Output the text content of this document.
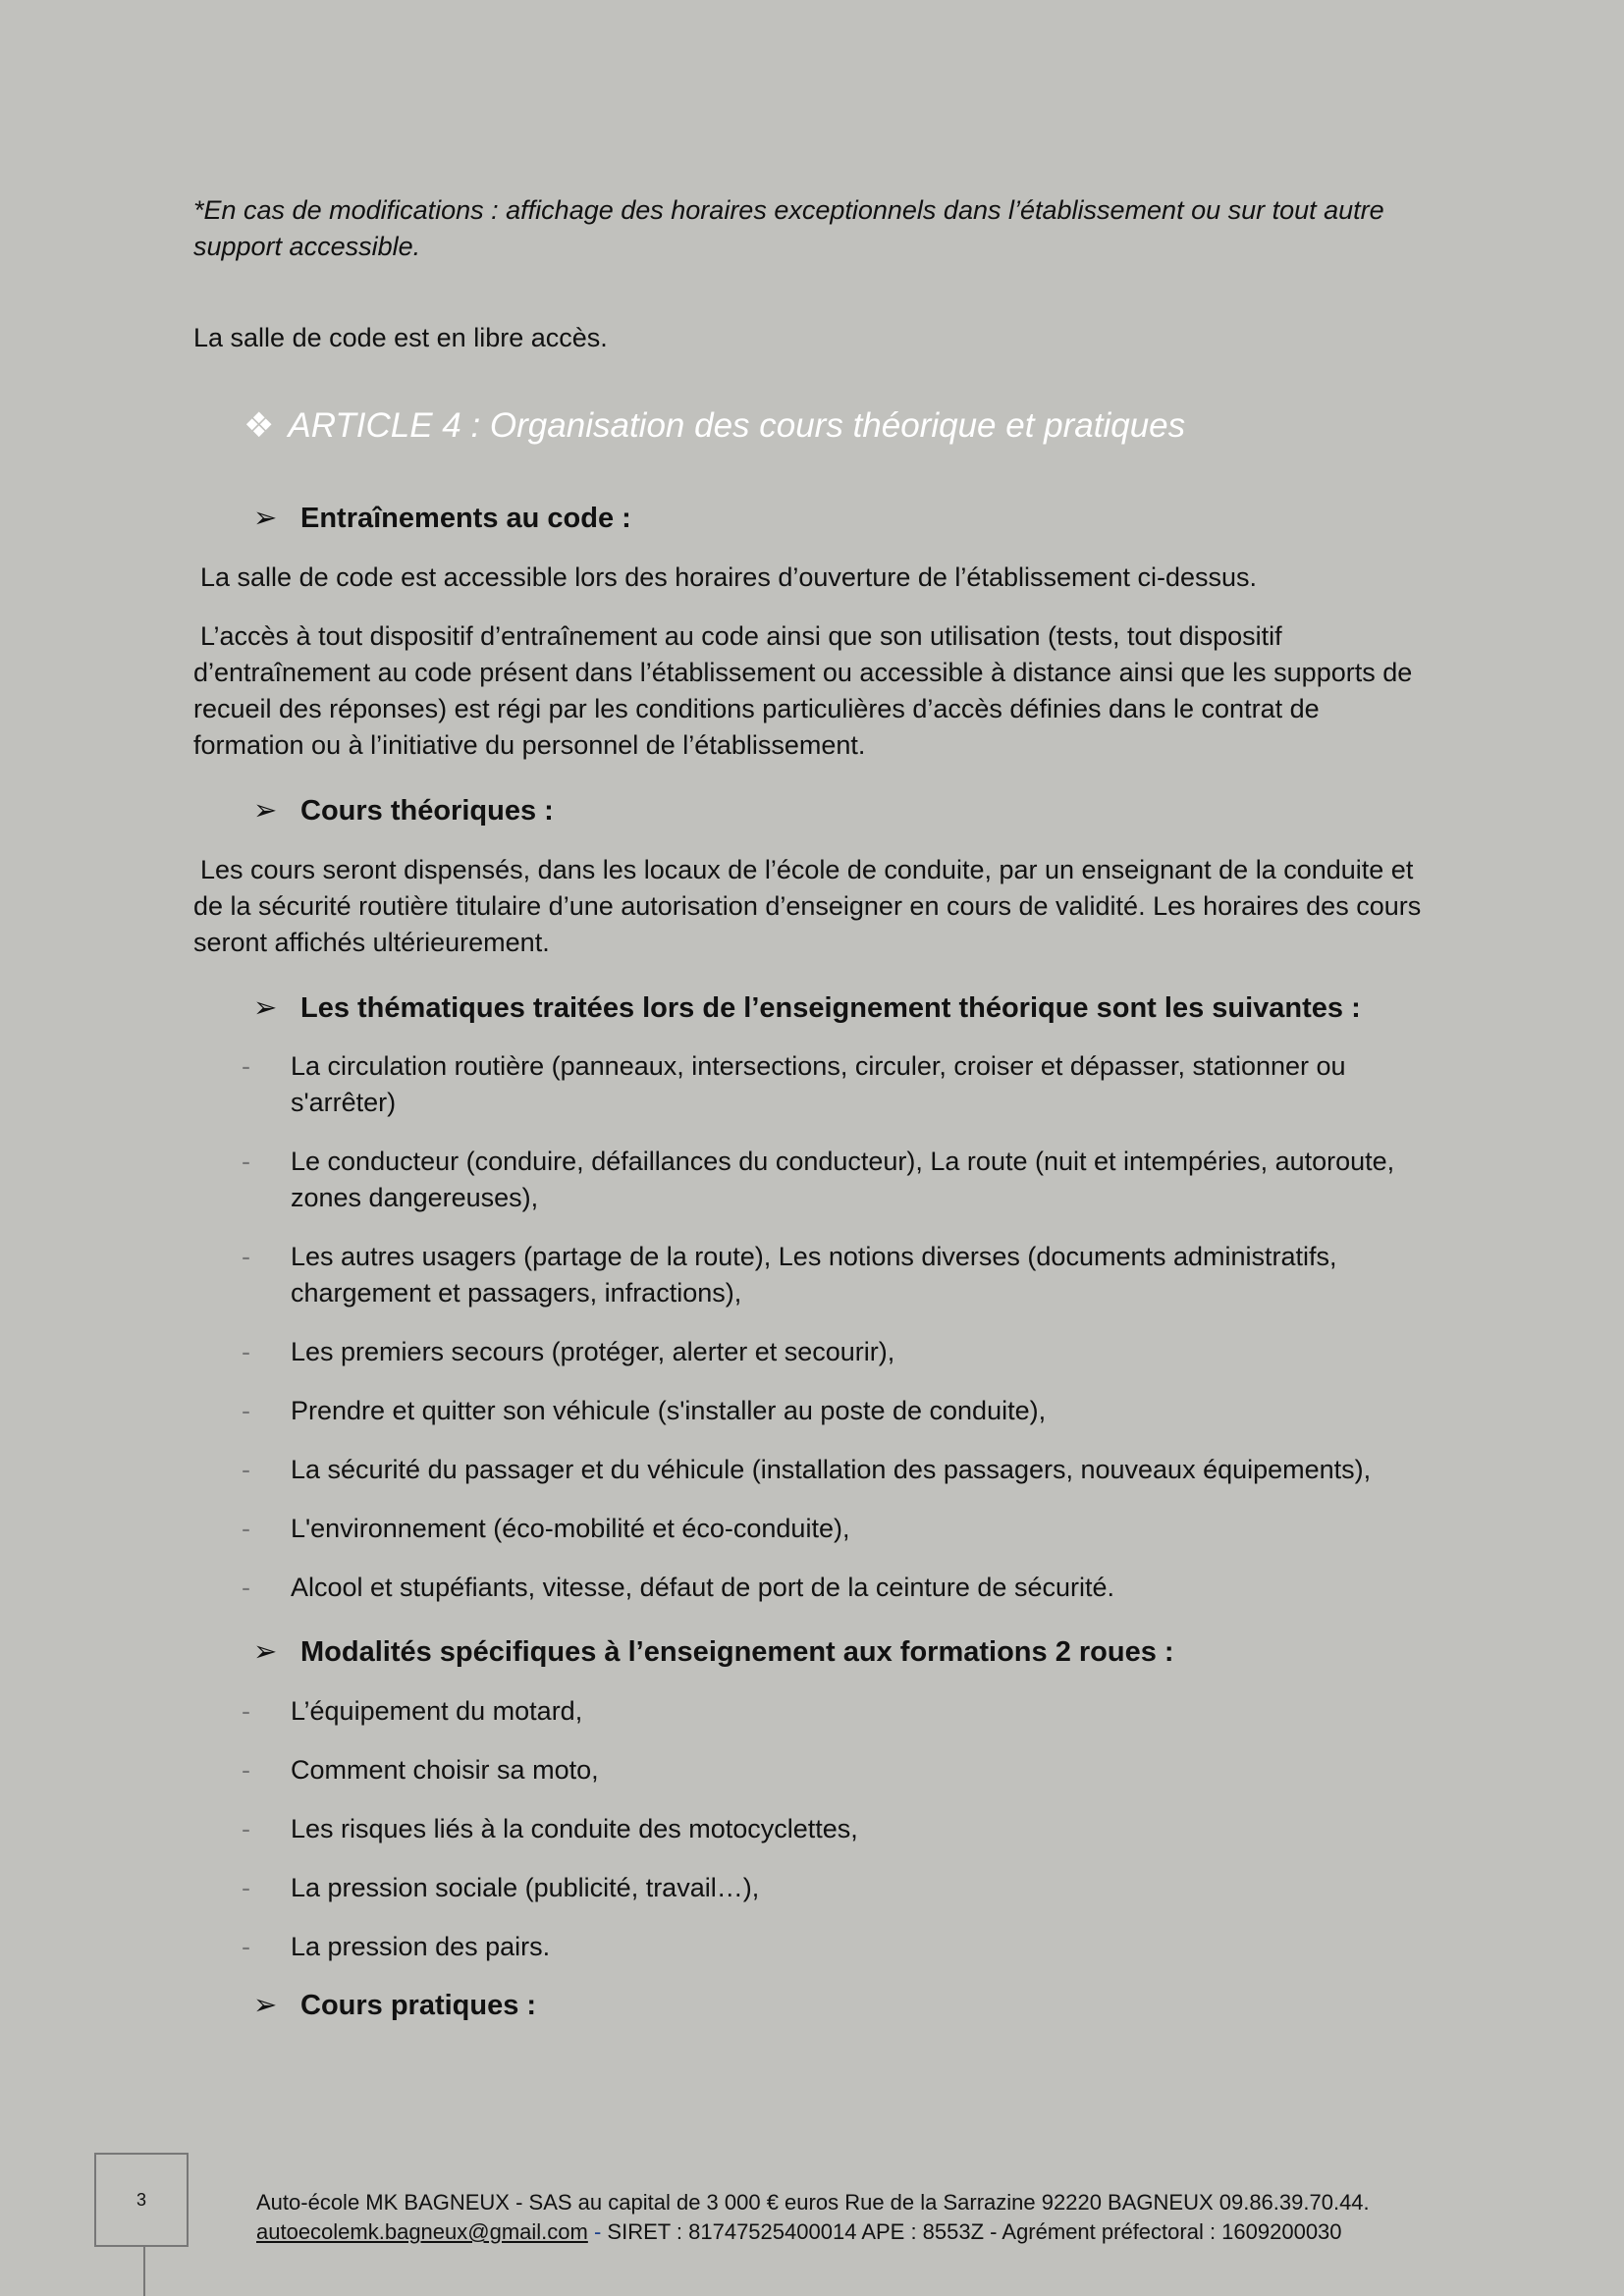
*En cas de modifications : affichage des horaires exceptionnels dans l’établissement ou sur tout autre support accessible.

La salle de code est en libre accès.

❖ ARTICLE 4 : Organisation des cours théorique et pratiques
➢ Entraînements au code :

La salle de code est accessible lors des horaires d’ouverture de l’établissement ci-dessus.

L’accès à tout dispositif d’entraînement au code ainsi que son utilisation (tests, tout dispositif d’entraînement au code présent dans l’établissement ou accessible à distance ainsi que les supports de recueil des réponses) est régi par les conditions particulières d’accès définies dans le contrat de formation ou à l’initiative du personnel de l’établissement.

➢ Cours théoriques :

Les cours seront dispensés, dans les locaux de l’école de conduite, par un enseignant de la conduite et de la sécurité routière titulaire d’une autorisation d’enseigner en cours de validité. Les horaires des cours seront affichés ultérieurement.

➢ Les thématiques traitées lors de l’enseignement théorique sont les suivantes :
- La circulation routière (panneaux, intersections, circuler, croiser et dépasser, stationner ou s'arrêter)
- Le conducteur (conduire, défaillances du conducteur), La route (nuit et intempéries, autoroute, zones dangereuses),
- Les autres usagers (partage de la route), Les notions diverses (documents administratifs, chargement et passagers, infractions),
- Les premiers secours (protéger, alerter et secourir),
- Prendre et quitter son véhicule (s'installer au poste de conduite),
- La sécurité du passager et du véhicule (installation des passagers, nouveaux équipements),
- L'environnement (éco-mobilité et éco-conduite),
- Alcool et stupéfiants, vitesse, défaut de port de la ceinture de sécurité.
➢ Modalités spécifiques à l’enseignement aux formations 2 roues :
- L’équipement du motard,
- Comment choisir sa moto,
- Les risques liés à la conduite des motocyclettes,
- La pression sociale (publicité, travail…),
- La pression des pairs.
➢ Cours pratiques :
3	Auto-école MK BAGNEUX - SAS au capital de 3 000 € euros Rue de la Sarrazine 92220 BAGNEUX 09.86.39.70.44.
autoecolemk.bagneux@gmail.com - SIRET : 81747525400014 APE : 8553Z - Agrément préfectoral : 1609200030
